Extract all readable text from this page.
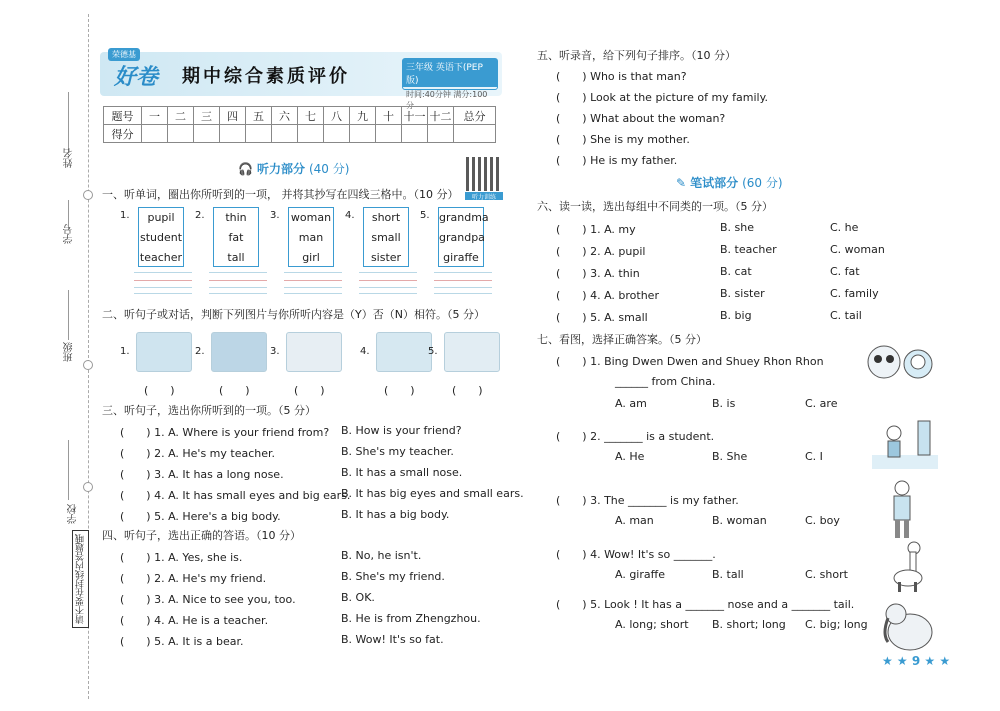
姓名
学号
班级
学校
请不要在封线内答题哦
荣德基
好卷 期中综合素质评价	三年级 英语下(PEP版)
时间:40分钟 满分:100分
题号	一	二	三	四	五	六	七	八	九	十	十一	十二	总分
得分													
🎧 听力部分 (40 分)
听力训练
一、听单词，圈出你所听到的一项， 并将其抄写在四线三格中。（10 分）
1.	pupil
student
teacher
2.	thin
fat
tall
3. woman
man
girl
4.	short
small
sister
5. grandma
grandpa
giraffe
二、听句子或对话，判断下列图片与你所听内容是（Y）否（N）相符。（5 分）
1.
(　　)
2.
(　　)
3.
(　　)
4.
(　　)
5.
(　　)
三、听句子，选出你所听到的一项。（5 分）
(　　) 1. A. Where is your friend from? B. How is your friend?
(　　) 2. A. He's my teacher.	B. She's my teacher.
(　　) 3. A. It has a long nose.	B. It has a small nose.
(　　) 4. A. It has small eyes and big ears.
B. It has big eyes and small ears.
(　　) 5. A. Here's a big body.	B. It has a big body.
四、听句子，选出正确的答语。（10 分）
(　　) 1. A. Yes, she is.	B. No, he isn't.
(　　) 2. A. He's my friend.	B. She's my friend.
(　　) 3. A. Nice to see you, too.	B. OK.
(　　) 4. A. He is a teacher.	B. He is from Zhengzhou.
(　　) 5. A. It is a bear.	B. Wow! It's so fat.
五、听录音，给下列句子排序。（10 分）
(　　) Who is that man?
(　　) Look at the picture of my family.
(　　) What about the woman?
(　　) She is my mother.
(　　) He is my father.
✎ 笔试部分 (60 分)
六、读一读，选出每组中不同类的一项。（5 分）
(　　) 1. A. my	B. she	C. he
(　　) 2. A. pupil	B. teacher	C. woman
(　　) 3. A. thin	B. cat	C. fat
(　　) 4. A. brother	B. sister	C. family
(　　) 5. A. small	B. big	C. tail
七、看图，选择正确答案。（5 分）
(　　) 1. Bing Dwen Dwen and Shuey Rhon Rhon
______ from China.
A. am	B. is	C. are
(　　) 2. _______ is a student.
A. He	B. She	C. I
(　　) 3. The _______ is my father.
A. man	B. woman	C. boy
(　　) 4. Wow! It's so _______.
A. giraffe	B. tall	C. short
(　　) 5. Look ! It has a _______ nose and a _______ tail.
A. long; short B. short; long C. big; long
★ ★ 9 ★ ★
